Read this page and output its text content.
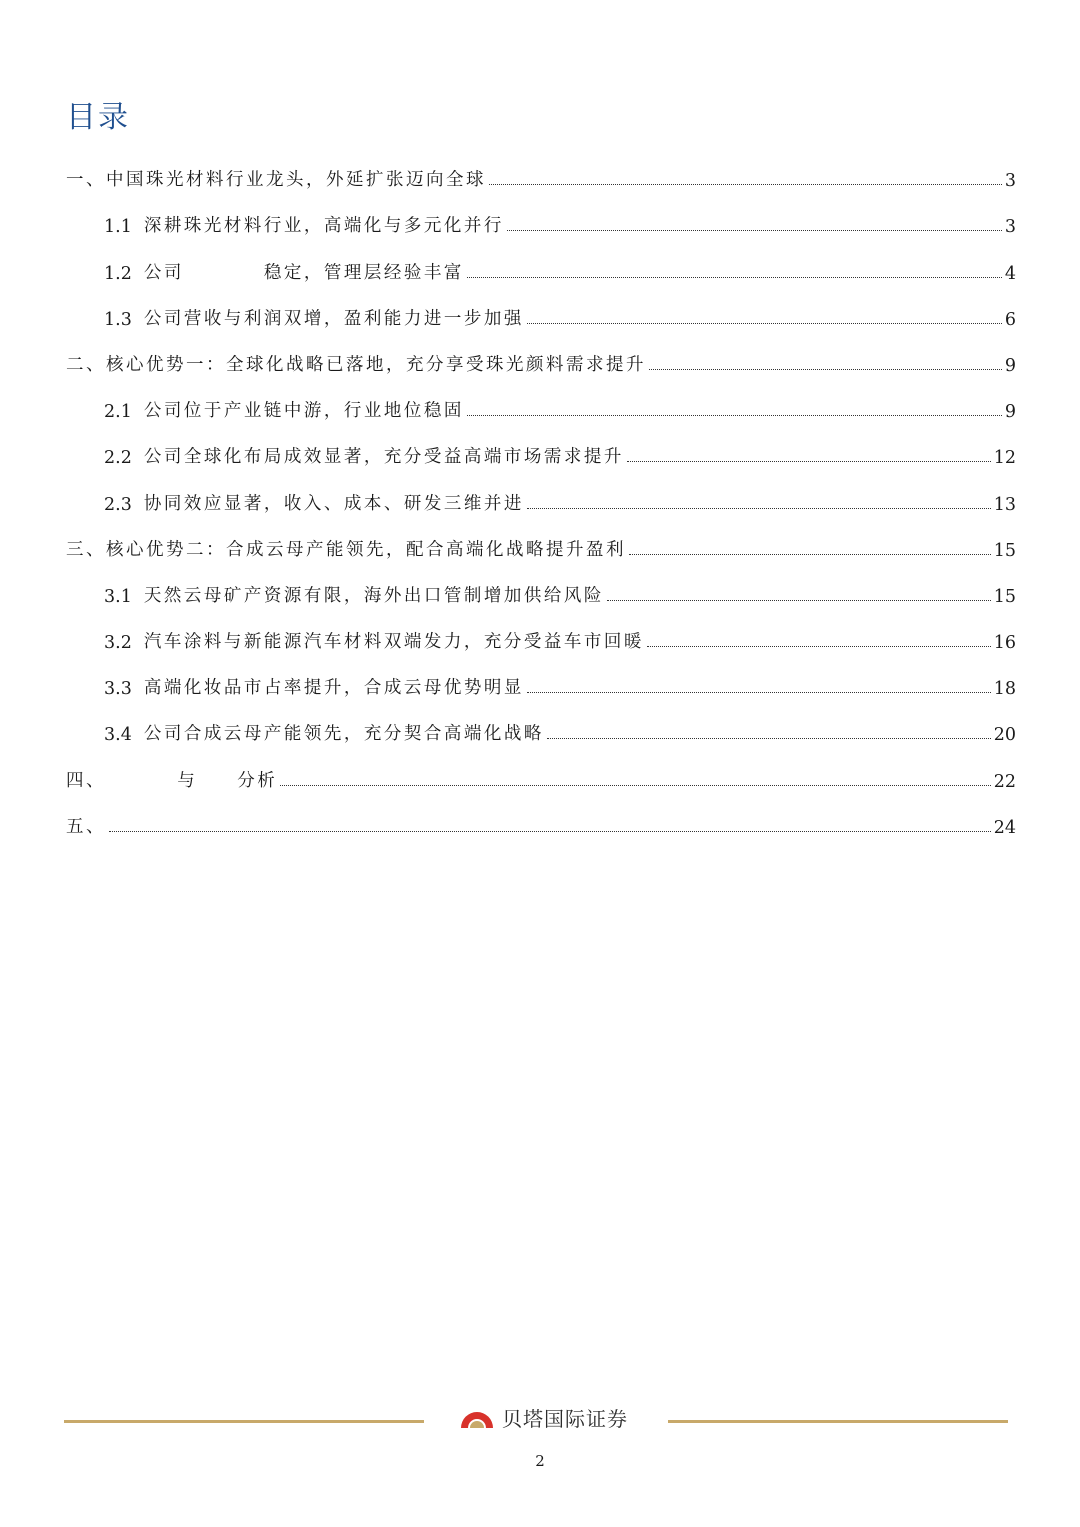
目录
一、中国珠光材料行业龙头，外延扩张迈向全球	3
1.1 深耕珠光材料行业，高端化与多元化并行	3
1.2 公司　　　　稳定，管理层经验丰富	4
1.3 公司营收与利润双增，盈利能力进一步加强	6
二、核心优势一：全球化战略已落地，充分享受珠光颜料需求提升	9
2.1 公司位于产业链中游，行业地位稳固	9
2.2 公司全球化布局成效显著，充分受益高端市场需求提升	12
2.3 协同效应显著，收入、成本、研发三维并进	13
三、核心优势二：合成云母产能领先，配合高端化战略提升盈利	15
3.1 天然云母矿产资源有限，海外出口管制增加供给风险	15
3.2 汽车涂料与新能源汽车材料双端发力，充分受益车市回暖	16
3.3 高端化妆品市占率提升，合成云母优势明显	18
3.4 公司合成云母产能领先，充分契合高端化战略	20
四、　　　　与　　分析	22
五、	24
贝塔国际证券
2
